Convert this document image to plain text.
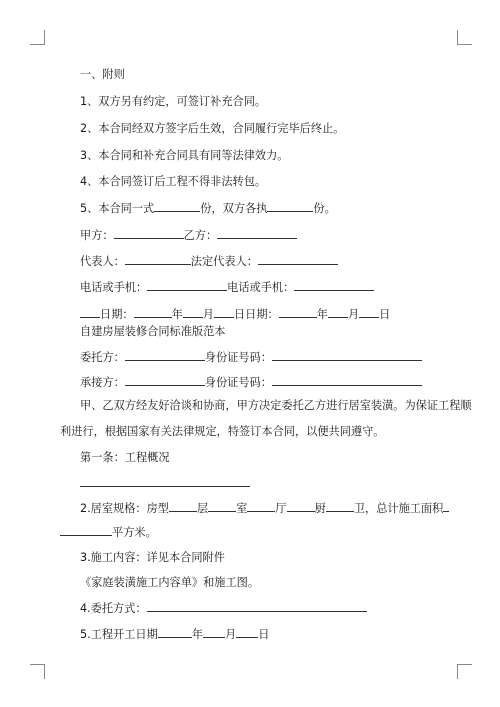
一、附则
1、双方另有约定，可签订补充合同。
2、本合同经双方签字后生效，合同履行完毕后终止。
3、本合同和补充合同具有同等法律效力。
4、本合同签订后工程不得非法转包。
5、本合同一式	份，双方各执	份。
甲方：	乙方：
代表人：	法定代表人：
电话或手机：	电话或手机：
日期：	年 月 日日期：	年 月 日
自建房屋装修合同标准版范本
委托方：	身份证号码：
承接方：	身份证号码：
甲、乙双方经友好洽谈和协商，甲方决定委托乙方进行居室装潢。为保证工程顺
利进行，根据国家有关法律规定，特签订本合同，以便共同遵守。
第一条：工程概况
2.居室规格：房型	层	室	厅	厨	卫，总计施工面积
平方米。
3.施工内容：详见本合同附件
《家庭装潢施工内容单》和施工图。
4.委托方式：
5.工程开工日期	年 月 日
